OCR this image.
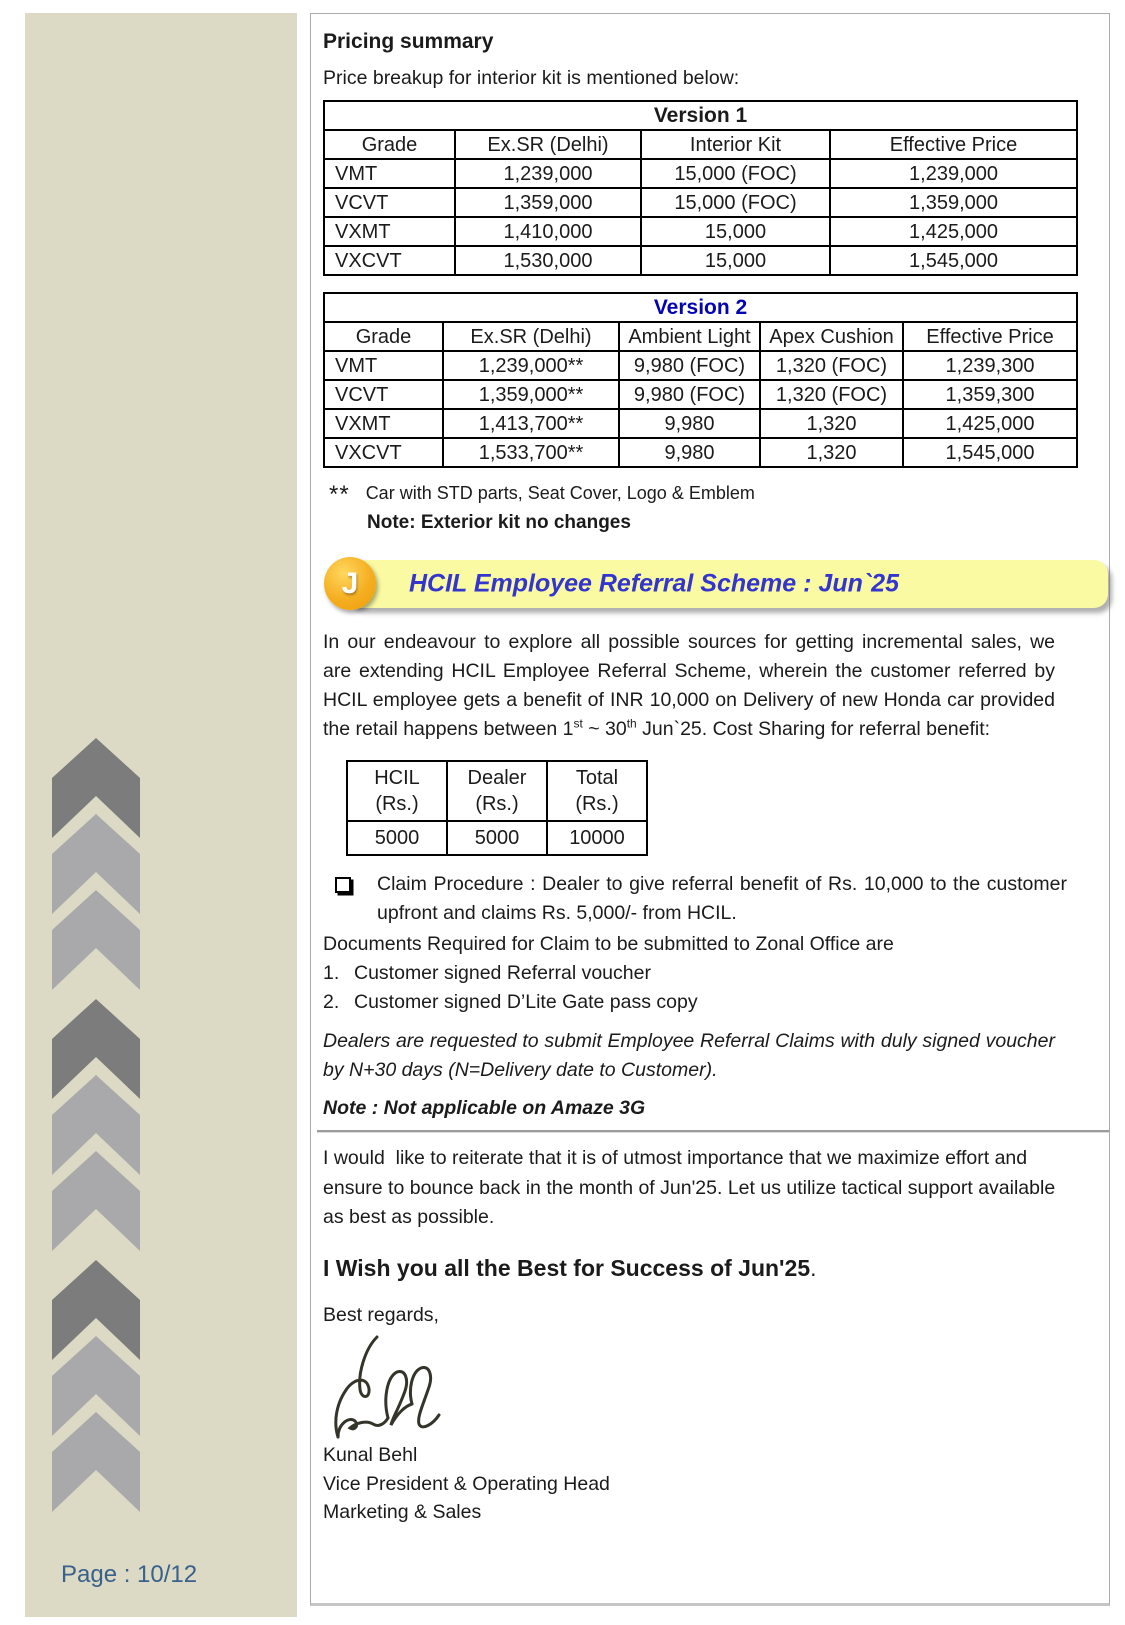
Page : 10/12
Pricing summary
Price breakup for interior kit is mentioned below:
Version 1			
Grade	Ex.SR (Delhi)	Interior Kit	Effective Price
VMT	1,239,000	15,000 (FOC)	1,239,000
VCVT	1,359,000	15,000 (FOC)	1,359,000
VXMT	1,410,000	15,000	1,425,000
VXCVT	1,530,000	15,000	1,545,000
Version 2				
Grade	Ex.SR (Delhi)	Ambient Light	Apex Cushion	Effective Price
VMT	1,239,000**	9,980 (FOC)	1,320 (FOC)	1,239,300
VCVT	1,359,000**	9,980 (FOC)	1,320 (FOC)	1,359,300
VXMT	1,413,700**	9,980	1,320	1,425,000
VXCVT	1,533,700**	9,980	1,320	1,545,000
** Car with STD parts, Seat Cover, Logo & Emblem
Note: Exterior kit no changes
J	HCIL Employee Referral Scheme : Jun`25

In our endeavour to explore all possible sources for getting incremental sales, we are extending HCIL Employee Referral Scheme, wherein the customer referred by HCIL employee gets a benefit of INR 10,000 on Delivery of new Honda car provided the retail happens between 1st ~ 30th Jun`25. Cost Sharing for referral benefit:

HCIL (Rs.)	Dealer (Rs.)	Total (Rs.)
5000	5000	10000
Claim Procedure : Dealer to give referral benefit of Rs. 10,000 to the customer upfront and claims Rs. 5,000/- from HCIL.
Documents Required for Claim to be submitted to Zonal Office are
1. Customer signed Referral voucher
2. Customer signed D’Lite Gate pass copy

Dealers are requested to submit Employee Referral Claims with duly signed voucher by N+30 days (N=Delivery date to Customer).

Note : Not applicable on Amaze 3G

I would  like to reiterate that it is of utmost importance that we maximize effort and ensure to bounce back in the month of Jun'25. Let us utilize tactical support available as best as possible.

I Wish you all the Best for Success of Jun'25.
Best regards,
Kunal Behl
Vice President & Operating Head
Marketing & Sales
